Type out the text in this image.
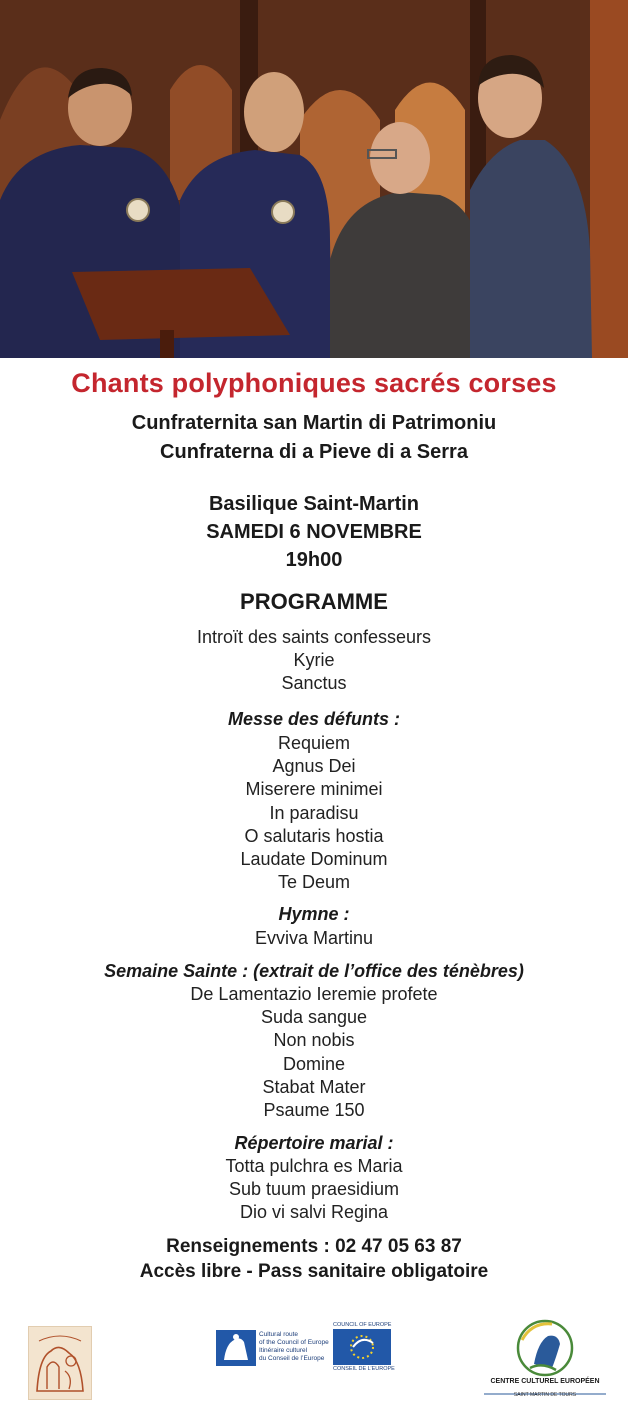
Chants polyphoniques sacrés corses
Cunfraternita san Martin di Patrimoniu
Cunfraterna di a Pieve di a Serra
Basilique Saint-Martin
SAMEDI 6 NOVEMBRE
19h00
PROGRAMME
Introït des saints confesseurs
Kyrie
Sanctus
Messe des défunts :
Requiem
Agnus Dei
Miserere minimei
In paradisu
O salutaris hostia
Laudate Dominum
Te Deum
Hymne :
Evviva Martinu
Semaine Sainte : (extrait de l’office des ténèbres)
De Lamentazio Ieremie profete
Suda sangue
Non nobis
Domine
Stabat Mater
Psaume 150
Répertoire marial :
Totta pulchra es Maria
Sub tuum praesidium
Dio vi salvi Regina
Renseignements : 02 47 05 63 87
Accès libre - Pass sanitaire obligatoire
Cultural route
of the Council of Europe
Itinéraire culturel
du Conseil de l’Europe
COUNCIL OF EUROPE
CONSEIL DE L’EUROPE
CENTRE CULTUREL EUROPÉEN
SAINT MARTIN DE TOURS
